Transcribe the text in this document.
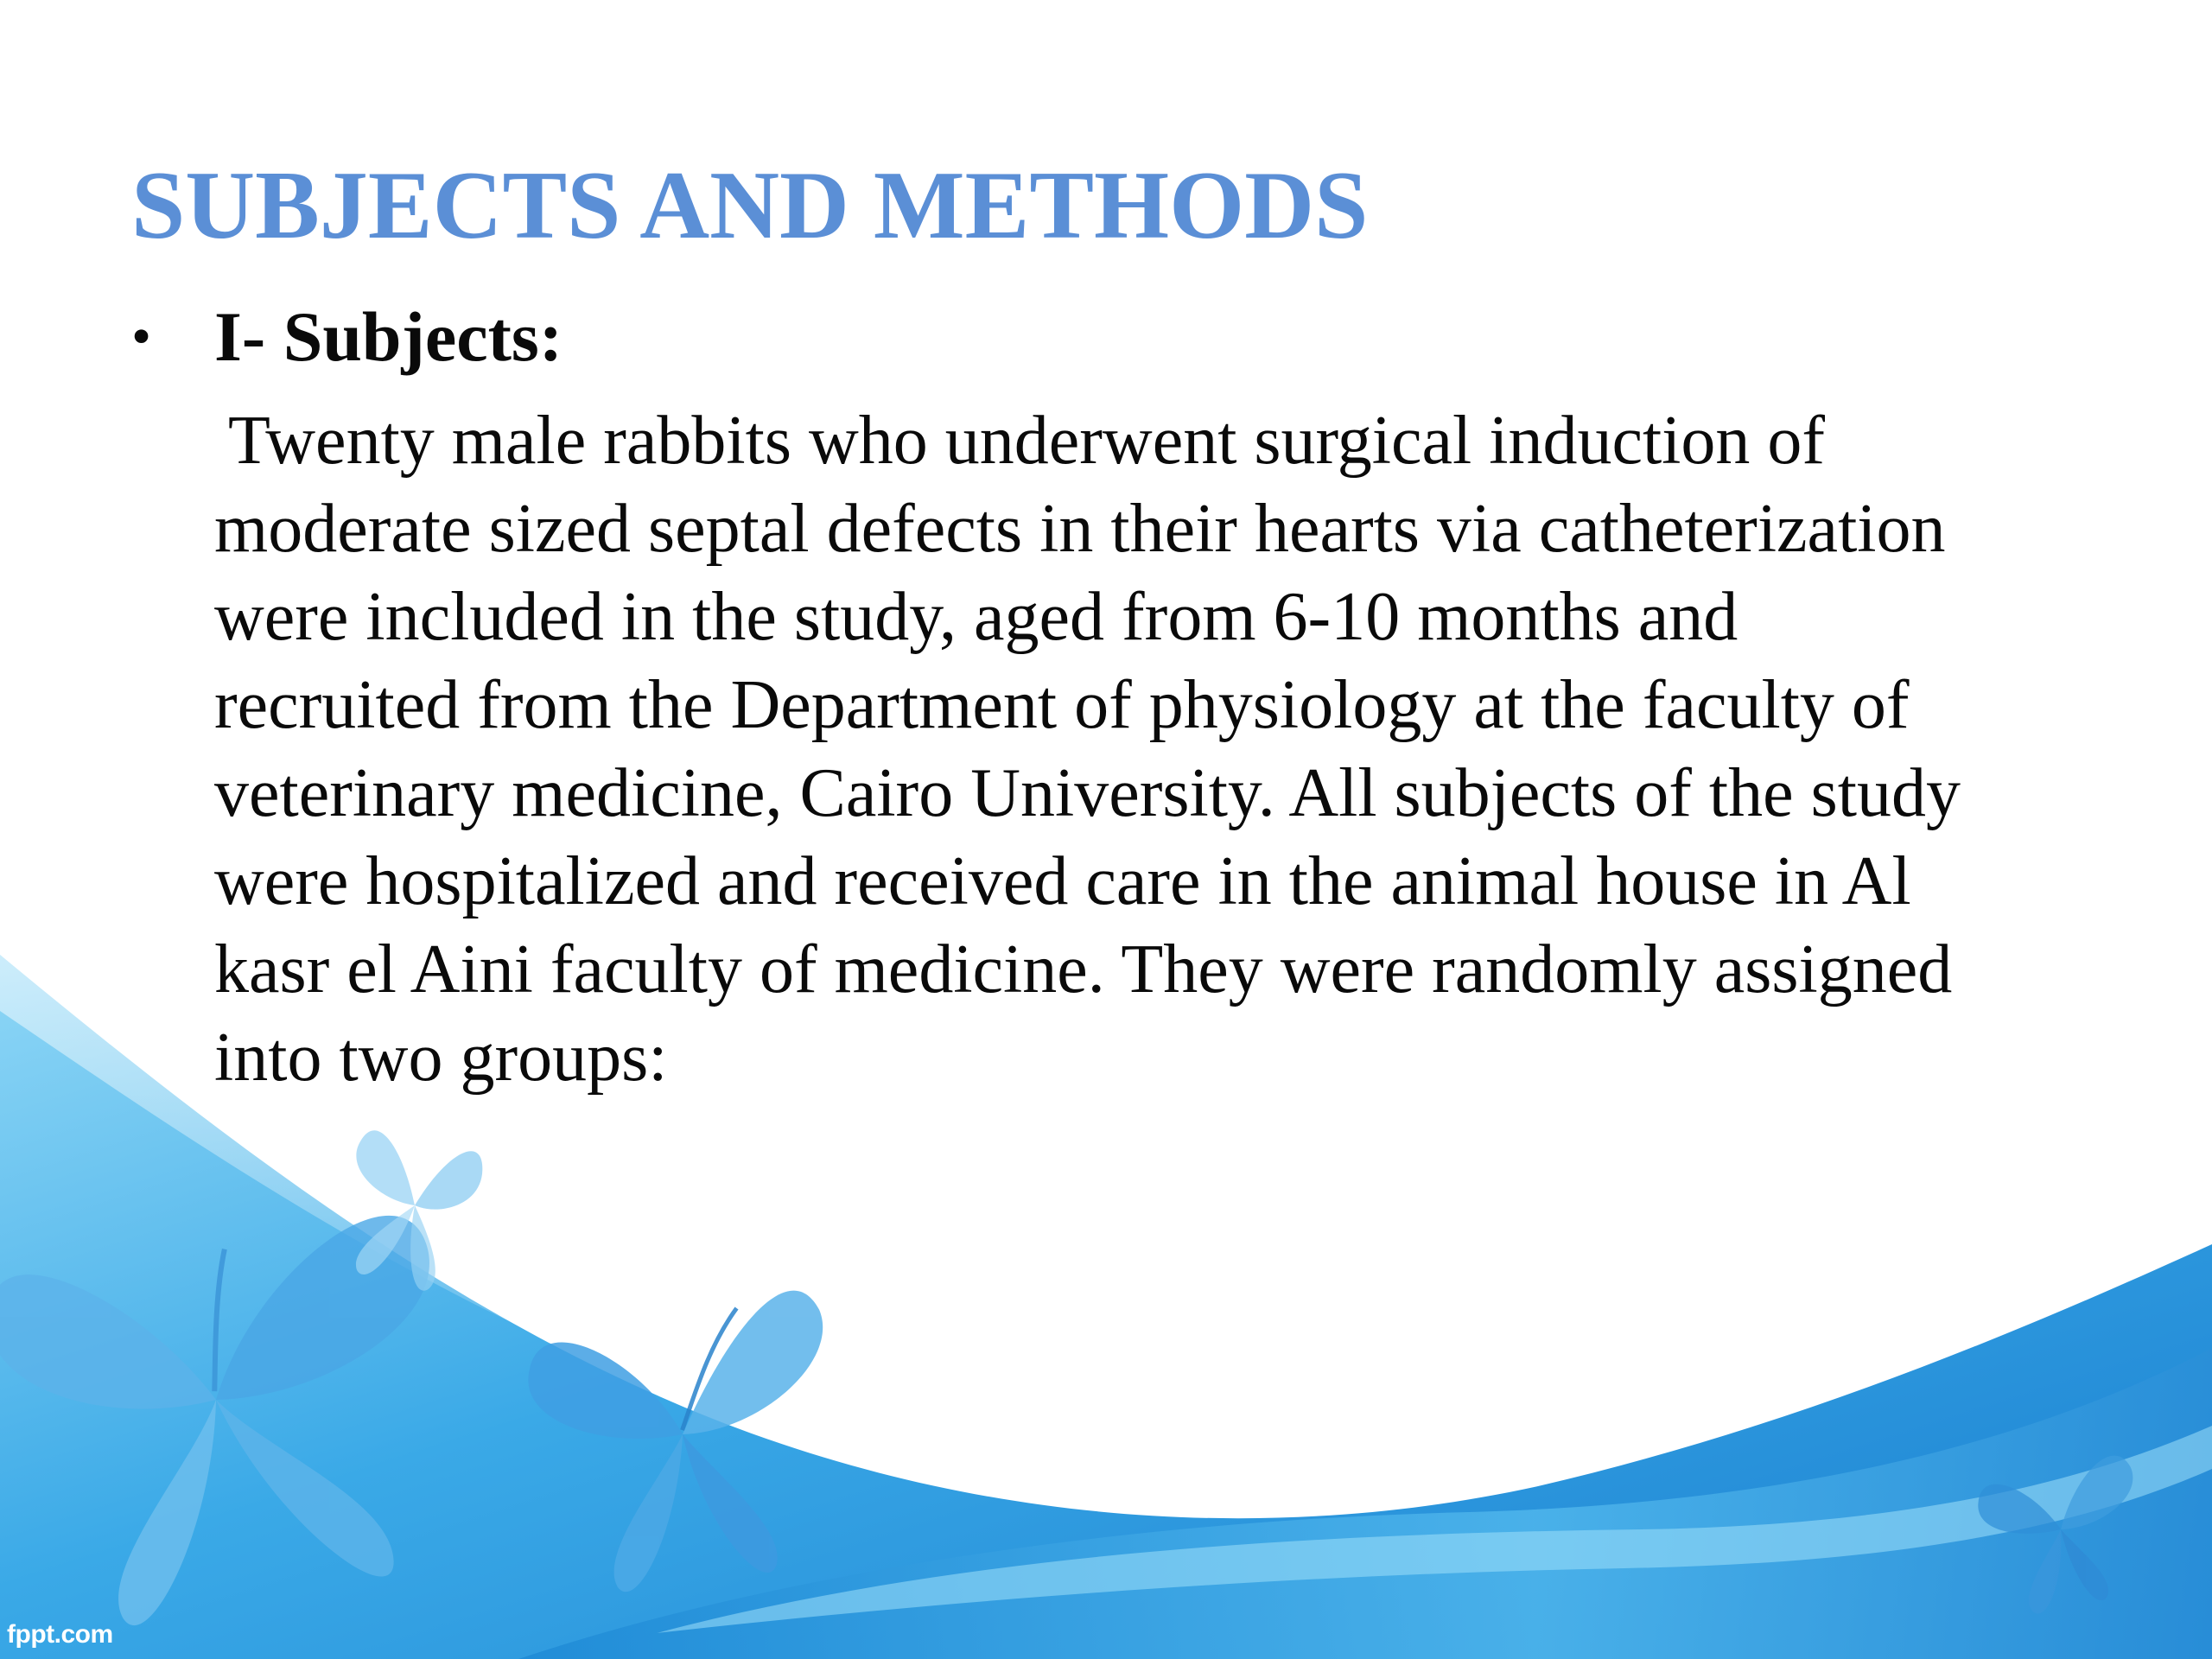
SUBJECTS AND METHODS
• I- Subjects:
Twenty male rabbits who underwent surgical induction of
moderate sized septal defects in their hearts via catheterization
were included in the study, aged from 6-10 months and
recruited from the Department of physiology at the faculty of
veterinary medicine, Cairo University. All subjects of the study
were hospitalized and received care in the animal house in Al
kasr el Aini faculty of medicine. They were randomly assigned
into two groups:
fppt.com
